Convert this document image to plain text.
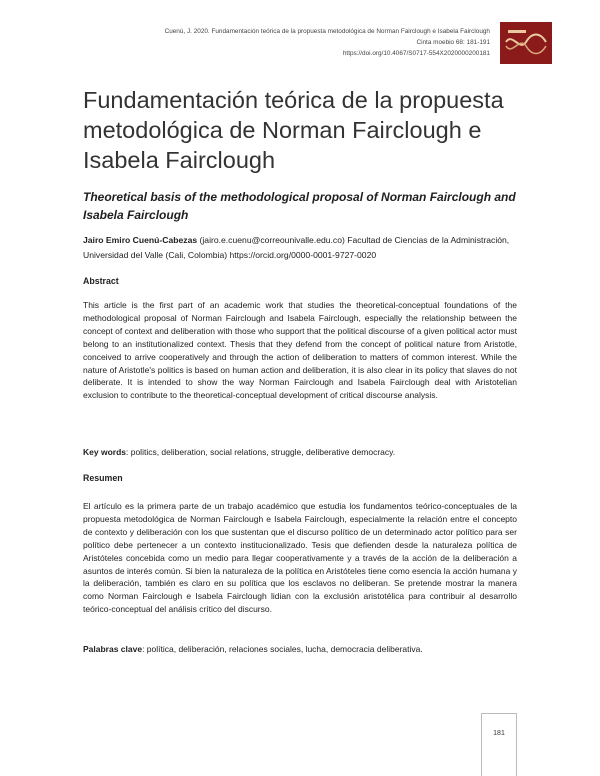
Cuenú, J. 2020. Fundamentación teórica de la propuesta metodológica de Norman Fairclough e Isabela Fairclough
Cinta moebio 68: 181-191
https://doi.org/10.4067/S0717-554X2020000200181
Fundamentación teórica de la propuesta metodológica de Norman Fairclough e Isabela Fairclough
Theoretical basis of the methodological proposal of Norman Fairclough and Isabela Fairclough
Jairo Emiro Cuenú-Cabezas (jairo.e.cuenu@correounivalle.edu.co) Facultad de Ciencias de la Administración, Universidad del Valle (Cali, Colombia) https://orcid.org/0000-0001-9727-0020
Abstract
This article is the first part of an academic work that studies the theoretical-conceptual foundations of the methodological proposal of Norman Fairclough and Isabela Fairclough, especially the relationship between the concept of context and deliberation with those who support that the political discourse of a given political actor must belong to an institutionalized context. Thesis that they defend from the concept of political nature from Aristotle, conceived to arrive cooperatively and through the action of deliberation to matters of common interest. While the nature of Aristotle's politics is based on human action and deliberation, it is also clear in its policy that slaves do not deliberate. It is intended to show the way Norman Fairclough and Isabela Fairclough deal with Aristotelian exclusion to contribute to the theoretical-conceptual development of critical discourse analysis.
Key words: politics, deliberation, social relations, struggle, deliberative democracy.
Resumen
El artículo es la primera parte de un trabajo académico que estudia los fundamentos teórico-conceptuales de la propuesta metodológica de Norman Fairclough e Isabela Fairclough, especialmente la relación entre el concepto de contexto y deliberación con los que sustentan que el discurso político de un determinado actor político para ser político debe pertenecer a un contexto institucionalizado. Tesis que defienden desde la naturaleza política de Aristóteles concebida como un medio para llegar cooperativamente y a través de la acción de la deliberación a asuntos de interés común. Si bien la naturaleza de la política en Aristóteles tiene como esencia la acción humana y la deliberación, también es claro en su política que los esclavos no deliberan. Se pretende mostrar la manera como Norman Fairclough e Isabela Fairclough lidian con la exclusión aristotélica para contribuir al desarrollo teórico-conceptual del análisis crítico del discurso.
Palabras clave: política, deliberación, relaciones sociales, lucha, democracia deliberativa.
181
